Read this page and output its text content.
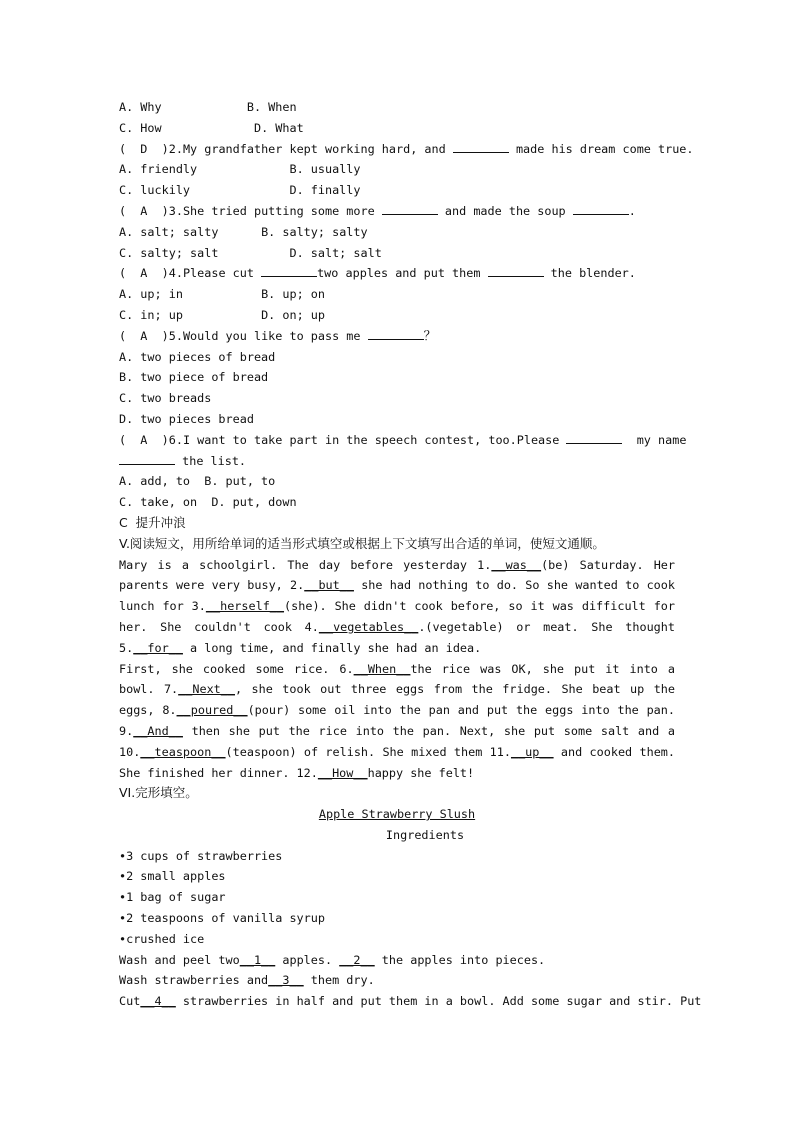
A. Why	B. When
C. How	D. What
(  D  )2.My grandfather kept working hard, and	made his dream come true.
A. friendly	B. usually
C. luckily	D. finally
(  A  )3.She tried putting some more	and made the soup	.
A. salt; salty	B. salty; salty
C. salty; salt	D. salt; salt
(  A  )4.Please cut	two apples and put them	the blender.
A. up; in	B. up; on
C. in; up	D. on; up
(  A  )5.Would you like to pass me	？
A. two pieces of bread
B. two piece of bread
C. two breads
D. two pieces bread
(  A  )6.I want to take part in the speech contest, too.Please	my name
the list.
A. add, to  B. put, to
C. take, on  D. put, down
C  提升冲浪
V.阅读短文，用所给单词的适当形式填空或根据上下文填写出合适的单词，使短文通顺。
Mary is a schoolgirl. The day before yesterday 1.__was__(be) Saturday. Her parents were very busy, 2.__but__ she had nothing to do. So she wanted to cook lunch for 3.__herself__(she). She didn't cook before, so it was difficult for her. She couldn't cook 4.__vegetables__.(vegetable) or meat. She thought 5.__for__ a long time, and finally she had an idea.
First, she cooked some rice. 6.__When__the rice was OK, she put it into a bowl. 7.__Next__, she took out three eggs from the fridge. She beat up the eggs, 8.__poured__(pour) some oil into the pan and put the eggs into the pan. 9.__And__ then she put the rice into the pan. Next, she put some salt and a 10.__teaspoon__(teaspoon) of relish. She mixed them 11.__up__ and cooked them. She finished her dinner. 12.__How__happy she felt!
VI.完形填空。
Apple Strawberry Slush
Ingredients
•3 cups of strawberries
•2 small apples
•1 bag of sugar
•2 teaspoons of vanilla syrup
•crushed ice
Wash and peel two__1__ apples. __2__ the apples into pieces.
Wash strawberries and__3__ them dry.
Cut__4__ strawberries in half and put them in a bowl. Add some sugar and stir. Put
